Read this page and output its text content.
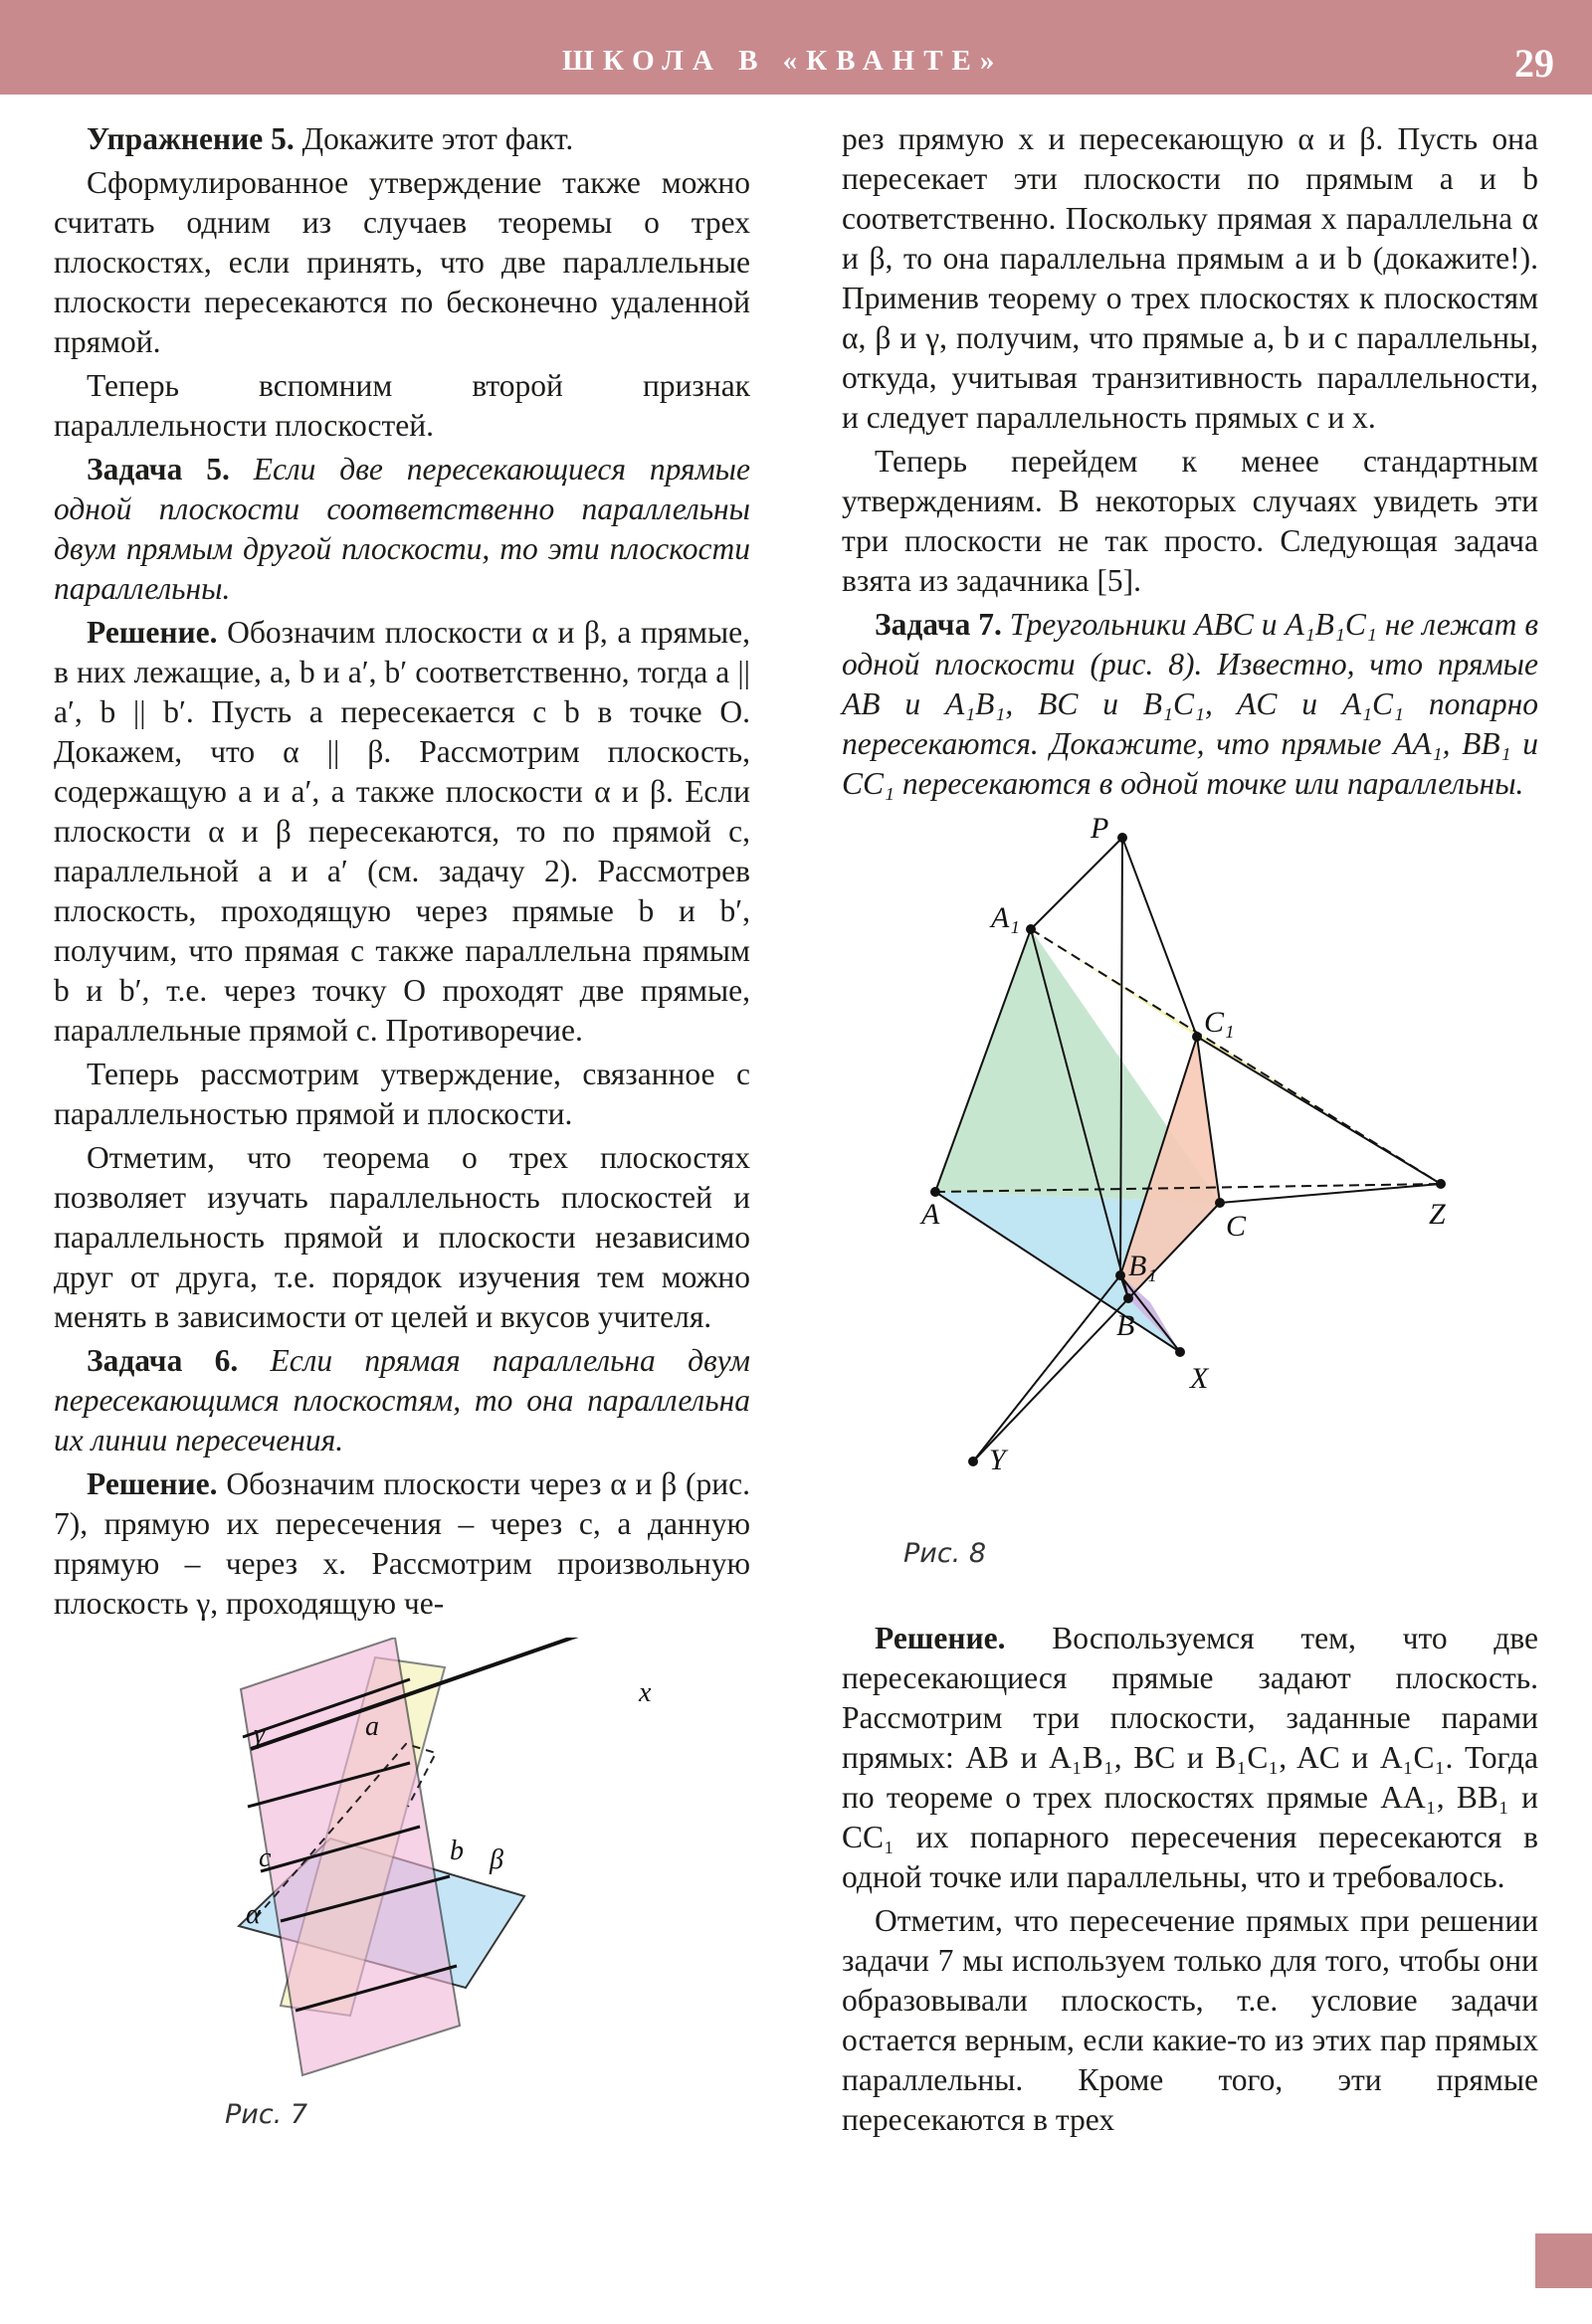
ШКОЛА В «КВАНТЕ»	29

Упражнение 5. Докажите этот факт.

Сформулированное утверждение также можно считать одним из случаев теоремы о трех плоскостях, если принять, что две параллельные плоскости пересекаются по бесконечно удаленной прямой.

Теперь вспомним второй признак параллельности плоскостей.

Задача 5. Если две пересекающиеся прямые одной плоскости соответственно параллельны двум прямым другой плоскости, то эти плоскости параллельны.

Решение. Обозначим плоскости α и β, а прямые, в них лежащие, a, b и a′, b′ соответственно, тогда a || a′, b || b′. Пусть a пересекается с b в точке O. Докажем, что α || β. Рассмотрим плоскость, содержащую a и a′, а также плоскости α и β. Если плоскости α и β пересекаются, то по прямой c, параллельной a и a′ (см. задачу 2). Рассмотрев плоскость, проходящую через прямые b и b′, получим, что прямая c также параллельна прямым b и b′, т.е. через точку O проходят две прямые, параллельные прямой c. Противоречие.

Теперь рассмотрим утверждение, связанное с параллельностью прямой и плоскости.

Отметим, что теорема о трех плоскостях позволяет изучать параллельность плоскостей и параллельность прямой и плоскости независимо друг от друга, т.е. порядок изучения тем можно менять в зависимости от целей и вкусов учителя.

Задача 6. Если прямая параллельна двум пересекающимся плоскостям, то она параллельна их линии пересечения.

Решение. Обозначим плоскости через α и β (рис. 7), прямую их пересечения – через c, а данную прямую – через x. Рассмотрим произвольную плоскость γ, проходящую че-

γ	a
x
c	b β
α
Рис. 7

рез прямую x и пересекающую α и β. Пусть она пересекает эти плоскости по прямым a и b соответственно. Поскольку прямая x параллельна α и β, то она параллельна прямым a и b (докажите!). Применив теорему о трех плоскостях к плоскостям α, β и γ, получим, что прямые a, b и c параллельны, откуда, учитывая транзитивность параллельности, и следует параллельность прямых c и x.

Теперь перейдем к менее стандартным утверждениям. В некоторых случаях увидеть эти три плоскости не так просто. Следующая задача взята из задачника [5].

Задача 7. Треугольники ABC и A₁B₁C₁ не лежат в одной плоскости (рис. 8). Известно, что прямые AB и A₁B₁, BC и B₁C₁, AC и A₁C₁ попарно пересекаются. Докажите, что прямые AA₁, BB₁ и CC₁ пересекаются в одной точке или параллельны.

P
A₁
C₁
A	C	Z
B₁
B
X
Y
Рис. 8

Решение. Воспользуемся тем, что две пересекающиеся прямые задают плоскость. Рассмотрим три плоскости, заданные парами прямых: AB и A₁B₁, BC и B₁C₁, AC и A₁C₁. Тогда по теореме о трех плоскостях прямые AA₁, BB₁ и CC₁ их попарного пересечения пересекаются в одной точке или параллельны, что и требовалось.

Отметим, что пересечение прямых при решении задачи 7 мы используем только для того, чтобы они образовывали плоскость, т.е. условие задачи остается верным, если какие-то из этих пар прямых параллельны. Кроме того, эти прямые пересекаются в трех
